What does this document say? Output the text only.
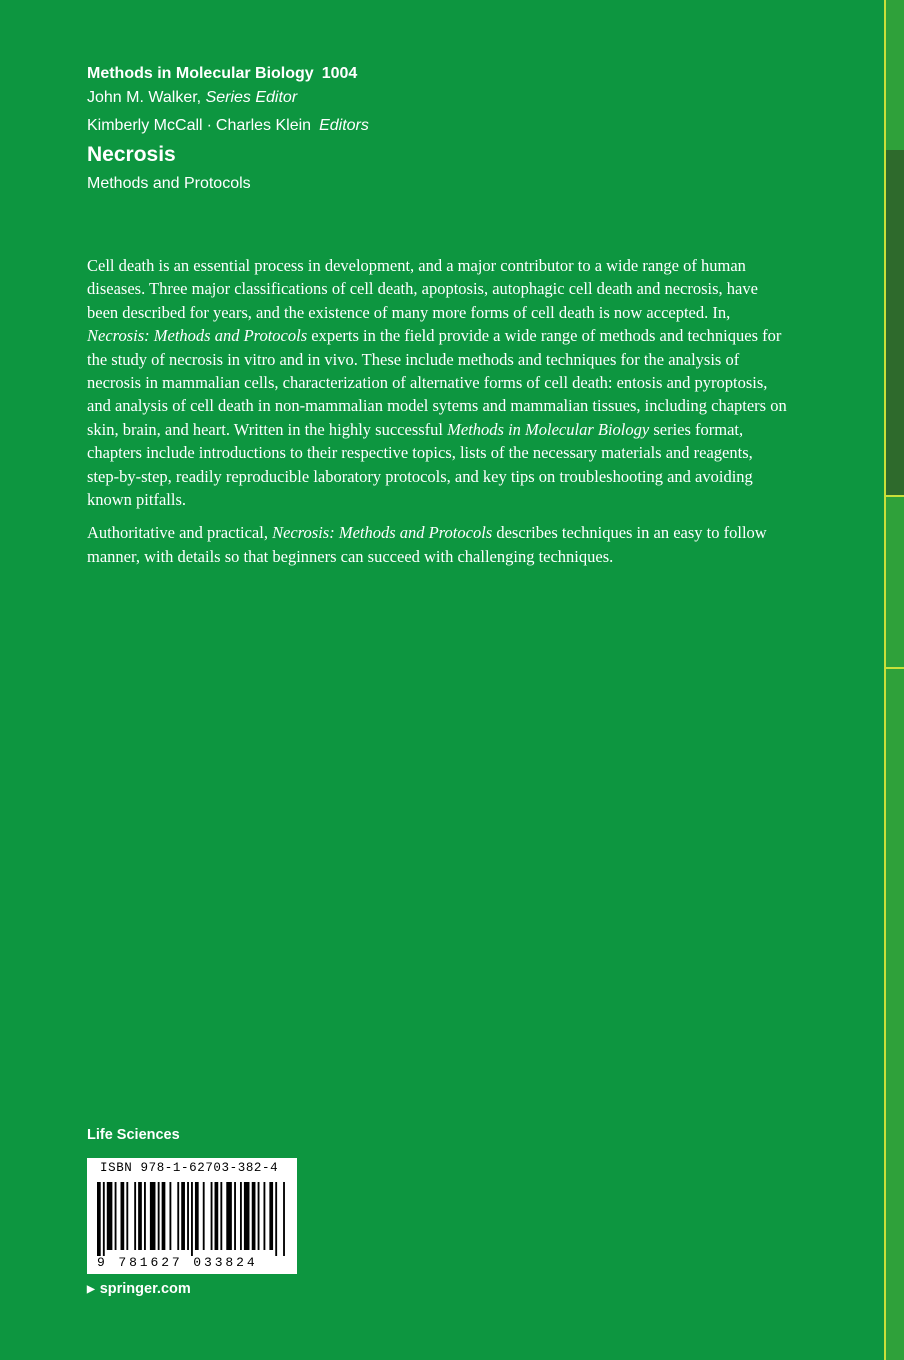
Methods in Molecular Biology 1004
John M. Walker, Series Editor
Kimberly McCall · Charles Klein Editors
Necrosis
Methods and Protocols

Cell death is an essential process in development, and a major contributor to a wide range of human diseases. Three major classifications of cell death, apoptosis, autophagic cell death and necrosis, have been described for years, and the existence of many more forms of cell death is now accepted. In, Necrosis: Methods and Protocols experts in the field provide a wide range of methods and techniques for the study of necrosis in vitro and in vivo. These include methods and techniques for the analysis of necrosis in mammalian cells, characterization of alternative forms of cell death: entosis and pyroptosis, and analysis of cell death in non-mammalian model sytems and mammalian tissues, including chapters on skin, brain, and heart. Written in the highly successful Methods in Molecular Biology series format, chapters include introductions to their respective topics, lists of the necessary materials and reagents, step-by-step, readily reproducible laboratory protocols, and key tips on troubleshooting and avoiding known pitfalls.

Authoritative and practical, Necrosis: Methods and Protocols describes techniques in an easy to follow manner, with details so that beginners can succeed with challenging techniques.

Life Sciences
ISBN 978-1-62703-382-4
9 781627 033824
▶ springer.com
